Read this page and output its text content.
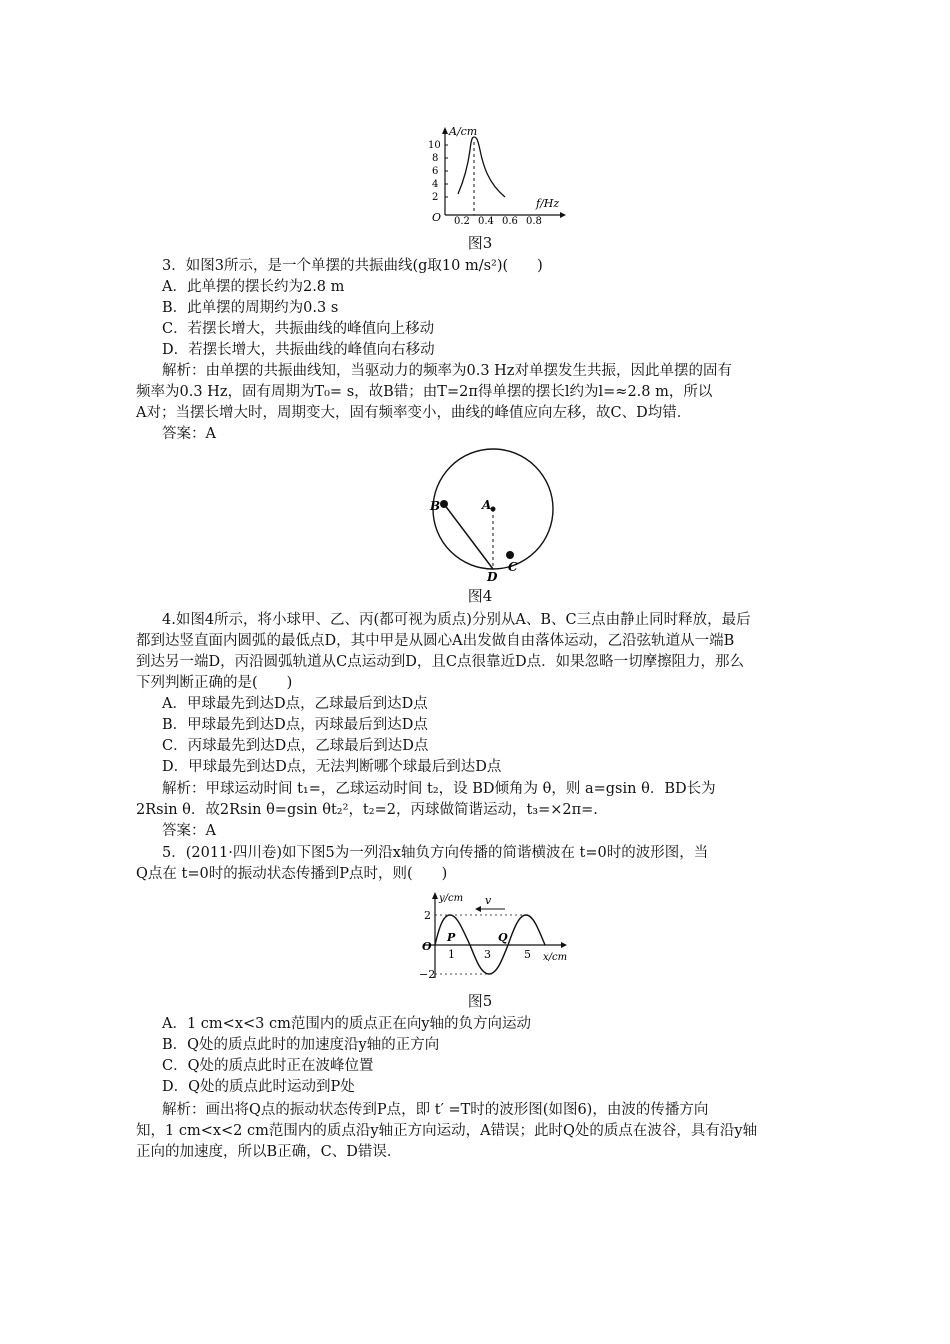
A/cm
f/Hz
O
10
8
6
4
2
0.2 0.4 0.6 0.8
图3
3．如图3所示，是一个单摆的共振曲线(g取10 m/s²)(　　)
A．此单摆的摆长约为2.8 m
B．此单摆的周期约为0.3 s
C．若摆长增大，共振曲线的峰值向上移动
D．若摆长增大，共振曲线的峰值向右移动
解析：由单摆的共振曲线知，当驱动力的频率为0.3 Hz对单摆发生共振，因此单摆的固有
频率为0.3 Hz，固有周期为T₀= s，故B错；由T=2π得单摆的摆长l约为l=≈2.8 m，所以
A对；当摆长增大时，周期变大，固有频率变小，曲线的峰值应向左移，故C、D均错．
答案：A
B	A
D
C
图4
4.如图4所示，将小球甲、乙、丙(都可视为质点)分别从A、B、C三点由静止同时释放，最后
都到达竖直面内圆弧的最低点D，其中甲是从圆心A出发做自由落体运动，乙沿弦轨道从一端B
到达另一端D，丙沿圆弧轨道从C点运动到D，且C点很靠近D点．如果忽略一切摩擦阻力，那么
下列判断正确的是(　　)
A．甲球最先到达D点，乙球最后到达D点
B．甲球最先到达D点，丙球最后到达D点
C．丙球最先到达D点，乙球最后到达D点
D．甲球最先到达D点，无法判断哪个球最后到达D点
解析：甲球运动时间 t₁=，乙球运动时间 t₂，设 BD倾角为 θ，则 a=gsin θ．BD长为
2Rsin θ．故2Rsin θ=gsin θt₂²，t₂=2，丙球做简谐运动，t₃=×2π=.
答案：A
5．(2011·四川卷)如下图5为一列沿x轴负方向传播的简谐横波在 t=0时的波形图，当
Q点在 t=0时的振动状态传播到P点时，则(　　)
y/cm
x/cm
O
2
−2
1	3	5
P	Q
v
图5
A．1 cm<x<3 cm范围内的质点正在向y轴的负方向运动
B．Q处的质点此时的加速度沿y轴的正方向
C．Q处的质点此时正在波峰位置
D．Q处的质点此时运动到P处
解析：画出将Q点的振动状态传到P点，即 t′ =T时的波形图(如图6)，由波的传播方向
知，1 cm<x<2 cm范围内的质点沿y轴正方向运动，A错误；此时Q处的质点在波谷，具有沿y轴
正向的加速度，所以B正确，C、D错误．
